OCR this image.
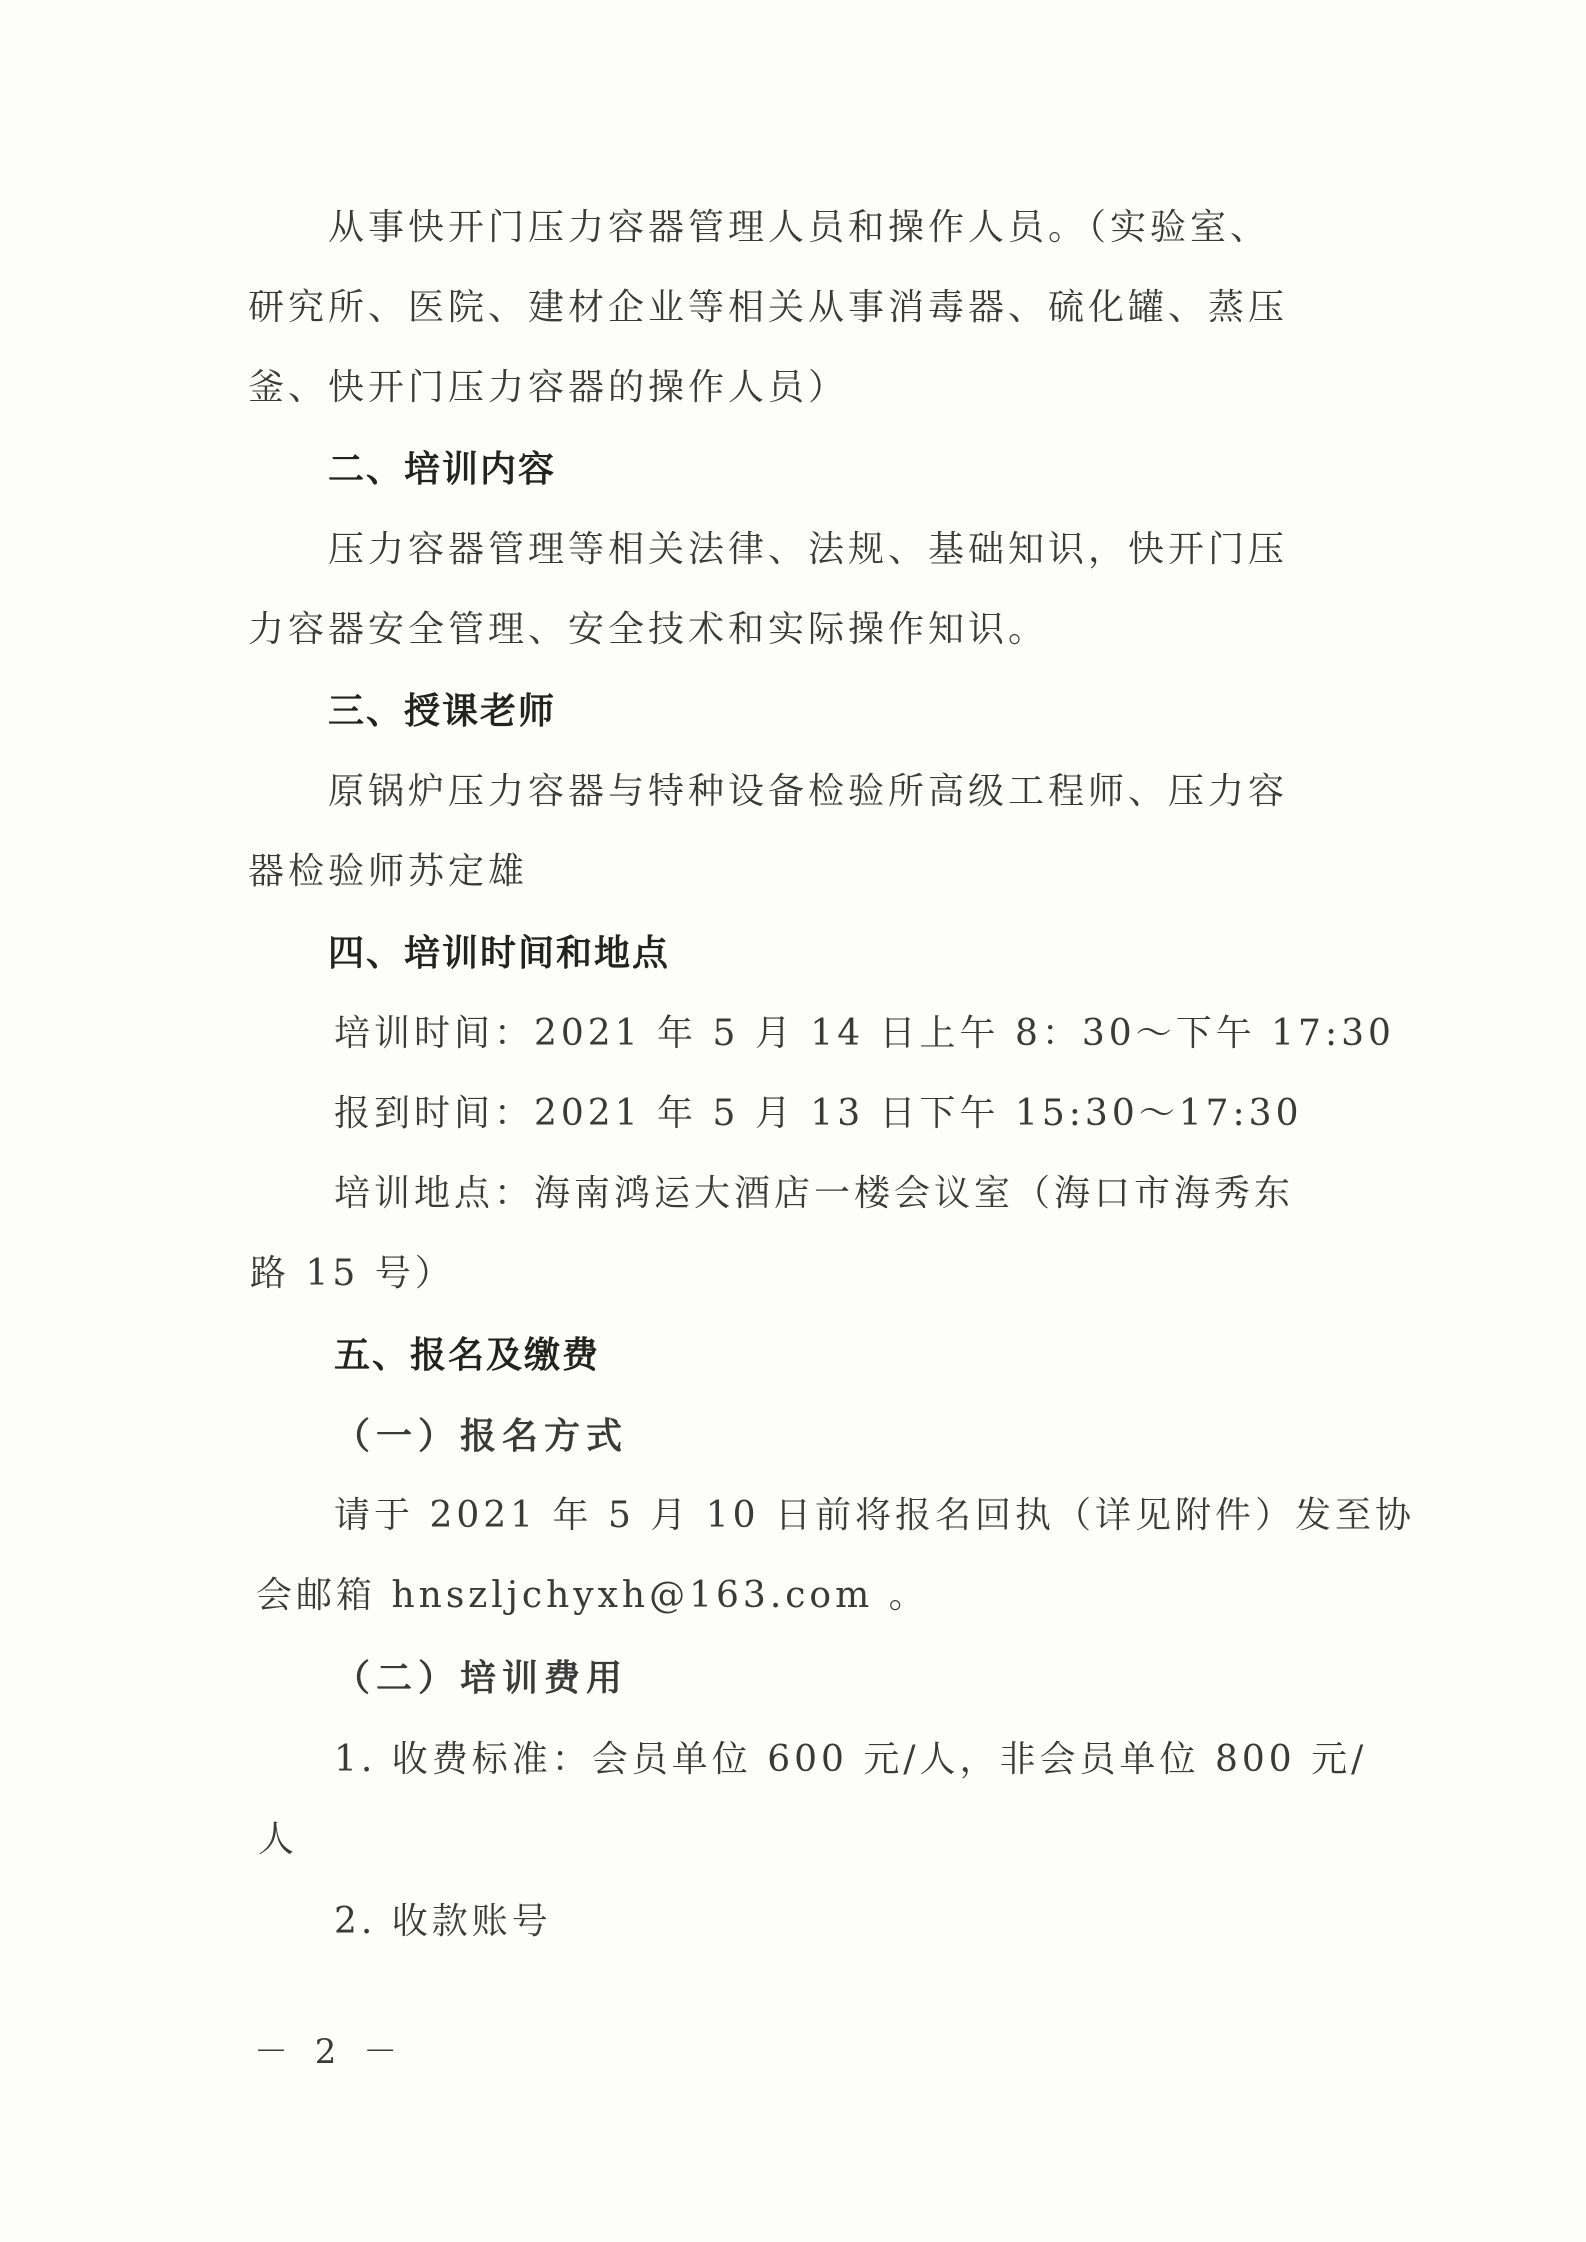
从事快开门压力容器管理人员和操作人员。（实验室、
研究所、医院、建材企业等相关从事消毒器、硫化罐、蒸压
釜、快开门压力容器的操作人员）
二、培训内容
压力容器管理等相关法律、法规、基础知识，快开门压
力容器安全管理、安全技术和实际操作知识。
三、授课老师
原锅炉压力容器与特种设备检验所高级工程师、压力容
器检验师苏定雄
四、培训时间和地点
培训时间：2021 年 5 月 14 日上午 8：30～下午 17:30
报到时间：2021 年 5 月 13 日下午 15:30～17:30
培训地点：海南鸿运大酒店一楼会议室（海口市海秀东
路 15 号）
五、报名及缴费
（一）报名方式
请于 2021 年 5 月 10 日前将报名回执（详见附件）发至协
会邮箱 hnszljchyxh@163.com 。
（二）培训费用
1. 收费标准：会员单位 600 元/人，非会员单位 800 元/
人
2. 收款账号
－ 2 －
